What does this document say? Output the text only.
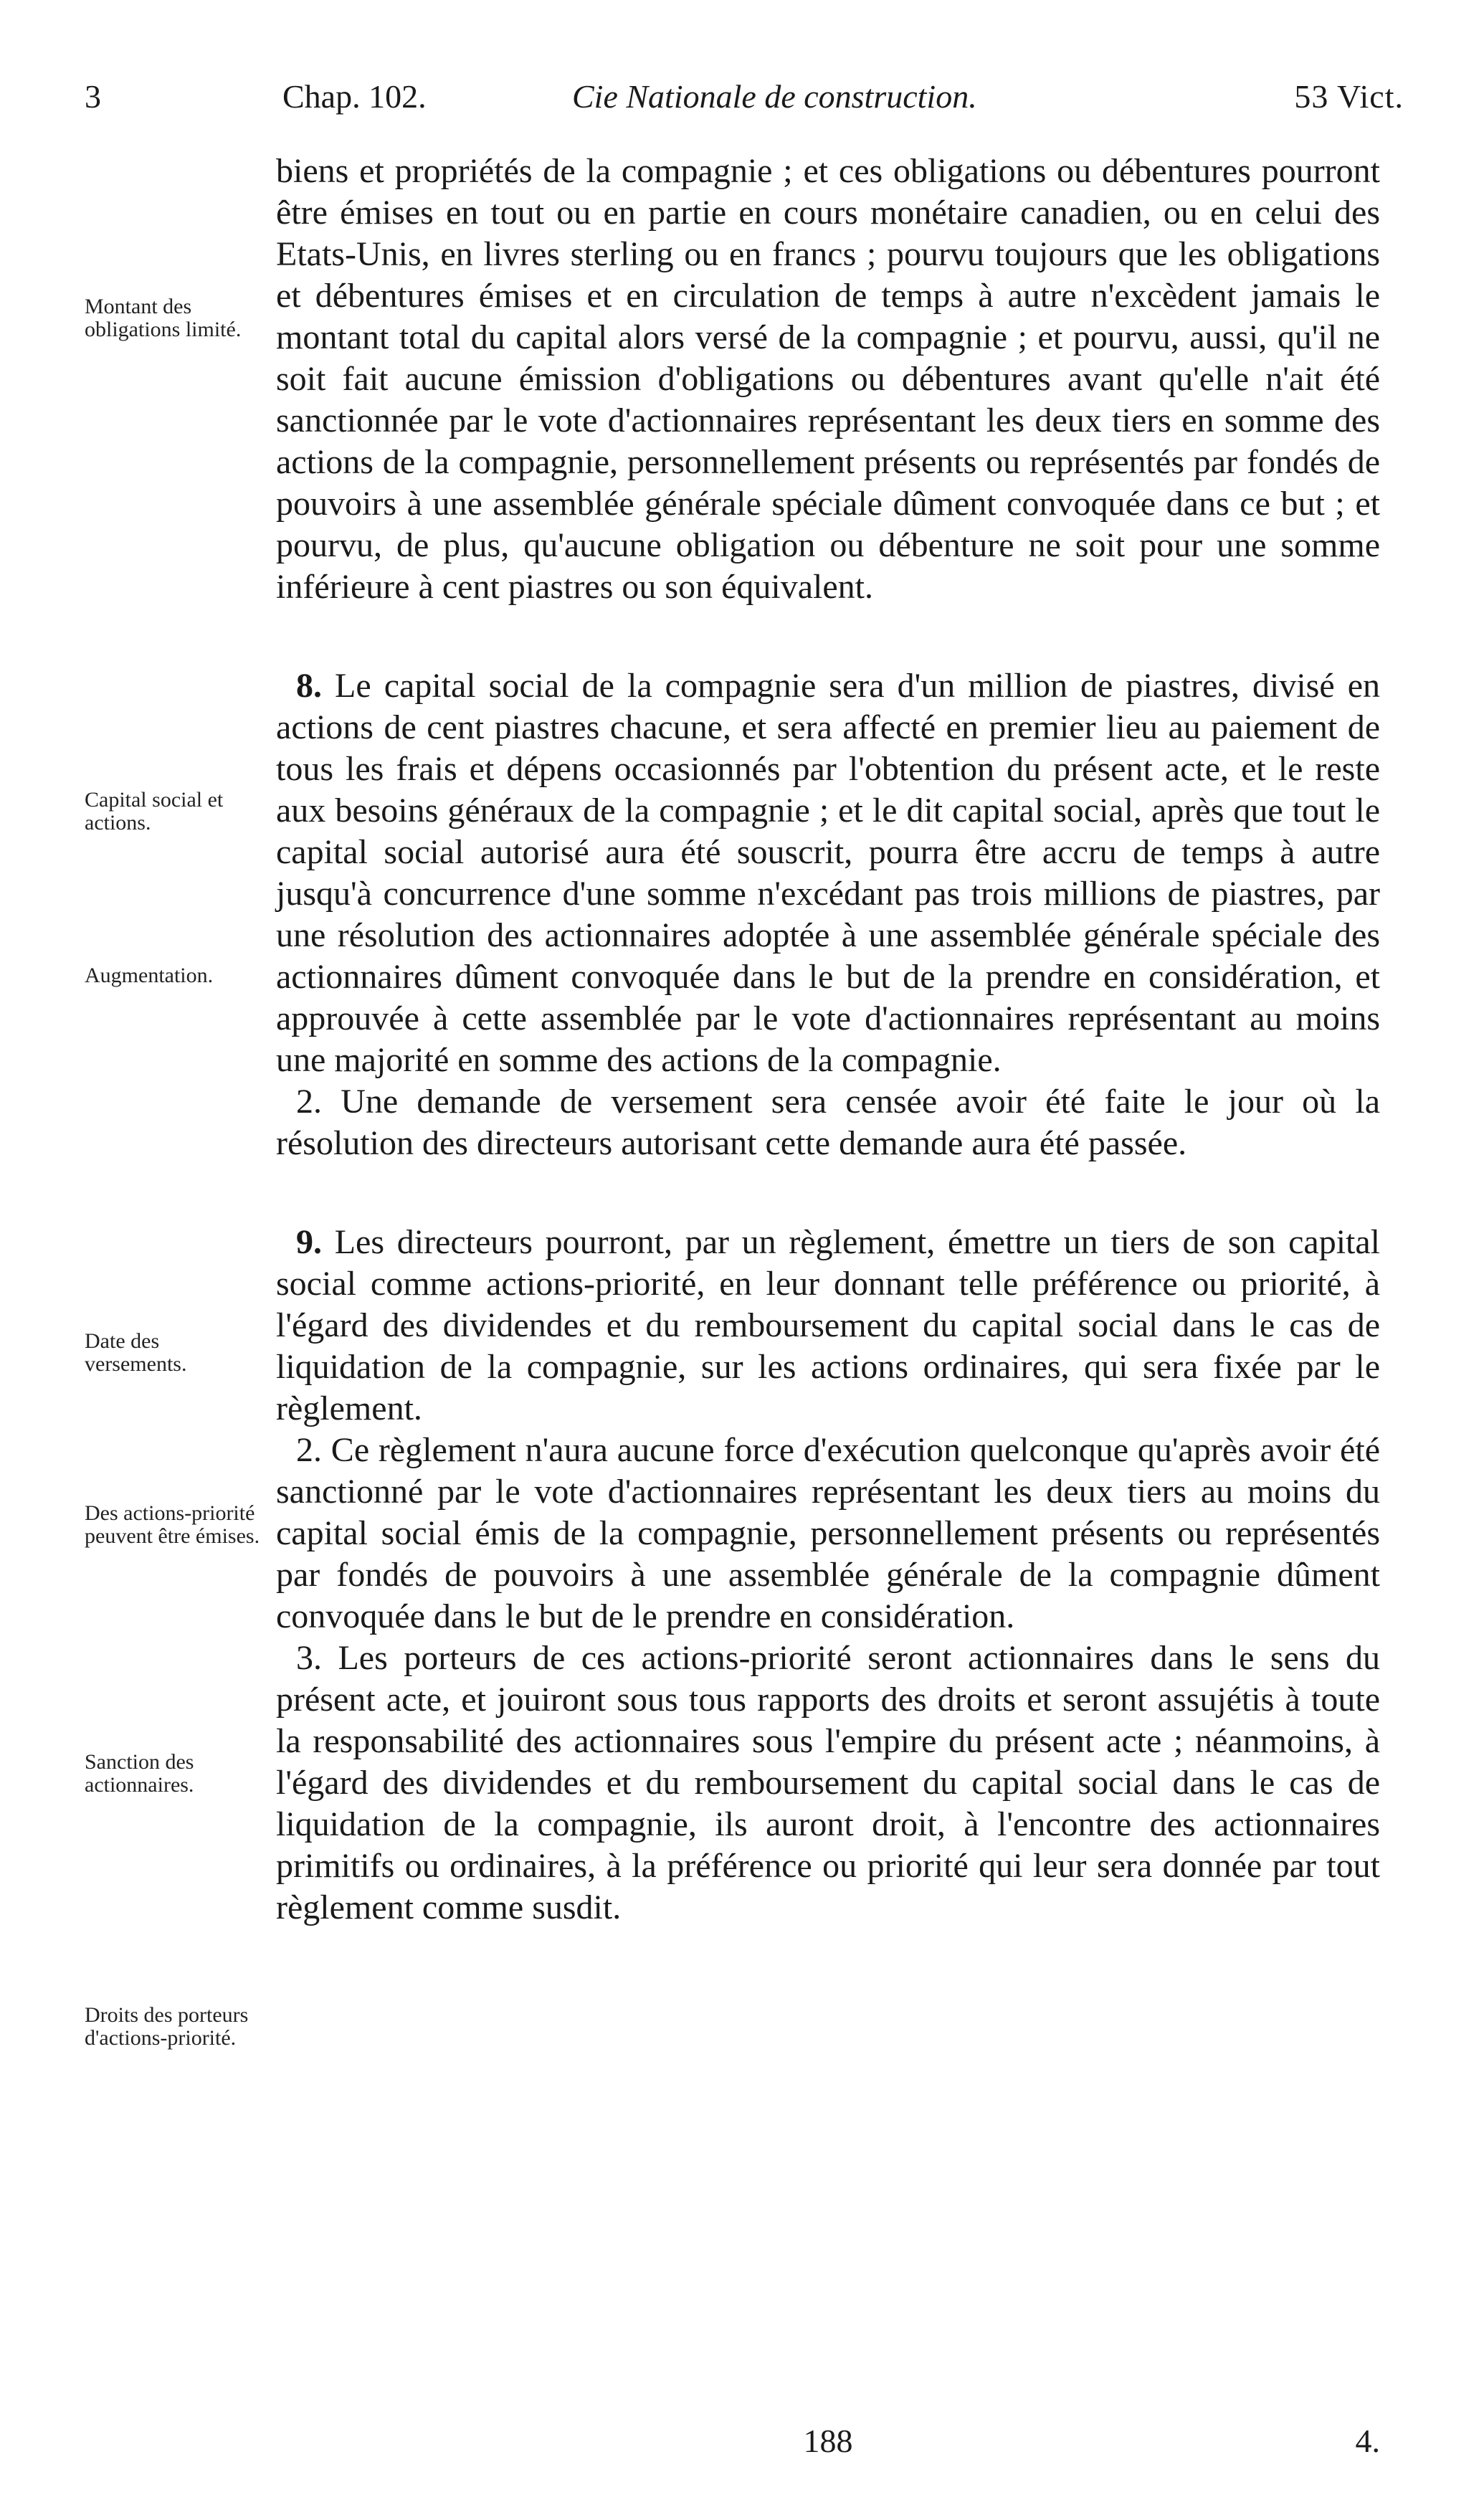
3	Chap. 102.	Cie Nationale de construction.	53 Vict.
Montant des obligations limité.
Capital social et actions.
Augmentation.
Date des versements.
Des actions-priorité peuvent être émises.
Sanction des actionnaires.
Droits des porteurs d'actions-priorité.

biens et propriétés de la compagnie ; et ces obligations ou débentures pourront être émises en tout ou en partie en cours monétaire canadien, ou en celui des Etats-Unis, en livres sterling ou en francs ; pourvu toujours que les obligations et débentures émises et en circulation de temps à autre n'excèdent jamais le montant total du capital alors versé de la compagnie ; et pourvu, aussi, qu'il ne soit fait aucune émission d'obligations ou débentures avant qu'elle n'ait été sanctionnée par le vote d'actionnaires représentant les deux tiers en somme des actions de la compagnie, personnellement présents ou représentés par fondés de pouvoirs à une assemblée générale spéciale dûment convoquée dans ce but ; et pourvu, de plus, qu'aucune obligation ou débenture ne soit pour une somme inférieure à cent piastres ou son équivalent.

8. Le capital social de la compagnie sera d'un million de piastres, divisé en actions de cent piastres chacune, et sera affecté en premier lieu au paiement de tous les frais et dépens occasionnés par l'obtention du présent acte, et le reste aux besoins généraux de la compagnie ; et le dit capital social, après que tout le capital social autorisé aura été souscrit, pourra être accru de temps à autre jusqu'à concurrence d'une somme n'excédant pas trois millions de piastres, par une résolution des actionnaires adoptée à une assemblée générale spéciale des actionnaires dûment convoquée dans le but de la prendre en considération, et approuvée à cette assemblée par le vote d'actionnaires représentant au moins une majorité en somme des actions de la compagnie.

2. Une demande de versement sera censée avoir été faite le jour où la résolution des directeurs autorisant cette demande aura été passée.

9. Les directeurs pourront, par un règlement, émettre un tiers de son capital social comme actions-priorité, en leur donnant telle préférence ou priorité, à l'égard des dividendes et du remboursement du capital social dans le cas de liquidation de la compagnie, sur les actions ordinaires, qui sera fixée par le règlement.

2. Ce règlement n'aura aucune force d'exécution quelconque qu'après avoir été sanctionné par le vote d'actionnaires représentant les deux tiers au moins du capital social émis de la compagnie, personnellement présents ou représentés par fondés de pouvoirs à une assemblée générale de la compagnie dûment convoquée dans le but de le prendre en considération.

3. Les porteurs de ces actions-priorité seront actionnaires dans le sens du présent acte, et jouiront sous tous rapports des droits et seront assujétis à toute la responsabilité des actionnaires sous l'empire du présent acte ; néanmoins, à l'égard des dividendes et du remboursement du capital social dans le cas de liquidation de la compagnie, ils auront droit, à l'encontre des actionnaires primitifs ou ordinaires, à la préférence ou priorité qui leur sera donnée par tout règlement comme susdit.

188	4.
